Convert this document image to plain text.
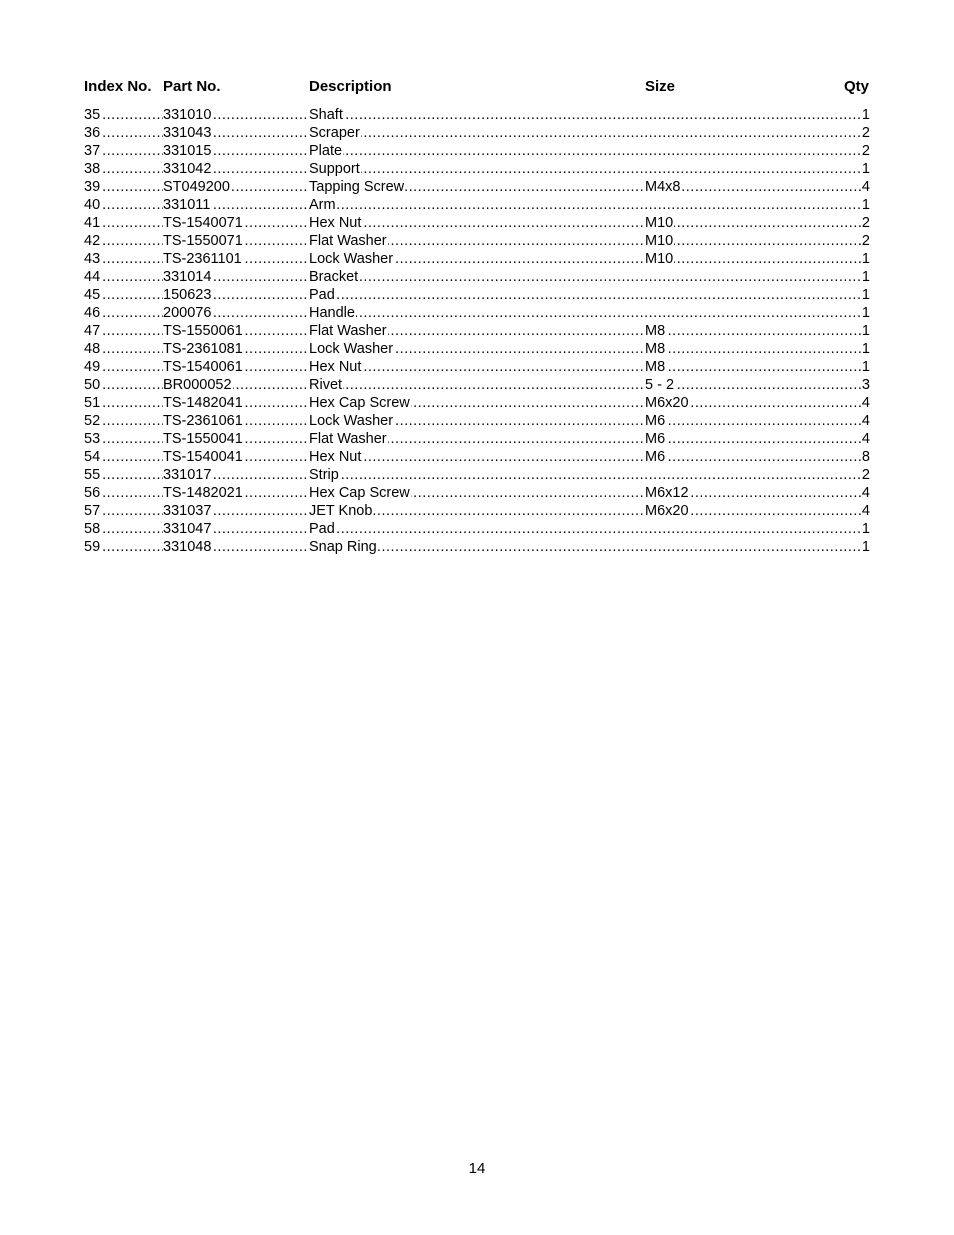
Index No. Part No.	Description	Size	Qty
35 .....	331010 .....	Shaft .....	1
36 .....	331043 .....	Scraper .....	2
37 .....	331015 .....	Plate .....	2
38 .....	331042 .....	Support .....	1
39 .....	ST049200 .....	Tapping Screw .....	M4x8 .....	4
40 .....	331011 .....	Arm .....	1
41 .....	TS-1540071 .....	Hex Nut .....	M10 .....	2
42 .....	TS-1550071 .....	Flat Washer .....	M10 .....	2
43 .....	TS-2361101 .....	Lock Washer .....	M10 .....	1
44 .....	331014 .....	Bracket .....	1
45 .....	150623 .....	Pad .....	1
46 .....	200076 .....	Handle .....	1
47 .....	TS-1550061 .....	Flat Washer .....	M8 .....	1
48 .....	TS-2361081 .....	Lock Washer .....	M8 .....	1
49 .....	TS-1540061 .....	Hex Nut .....	M8 .....	1
50 .....	BR000052 .....	Rivet .....	5 - 2 .....	3
51 .....	TS-1482041 .....	Hex Cap Screw .....	M6x20 .....	4
52 .....	TS-2361061 .....	Lock Washer .....	M6 .....	4
53 .....	TS-1550041 .....	Flat Washer .....	M6 .....	4
54 .....	TS-1540041 .....	Hex Nut .....	M6 .....	8
55 .....	331017 .....	Strip .....	2
56 .....	TS-1482021 .....	Hex Cap Screw .....	M6x12 .....	4
57 .....	331037 .....	JET Knob .....	M6x20 .....	4
58 .....	331047 .....	Pad .....	1
59 .....	331048 .....	Snap Ring .....	1
14
